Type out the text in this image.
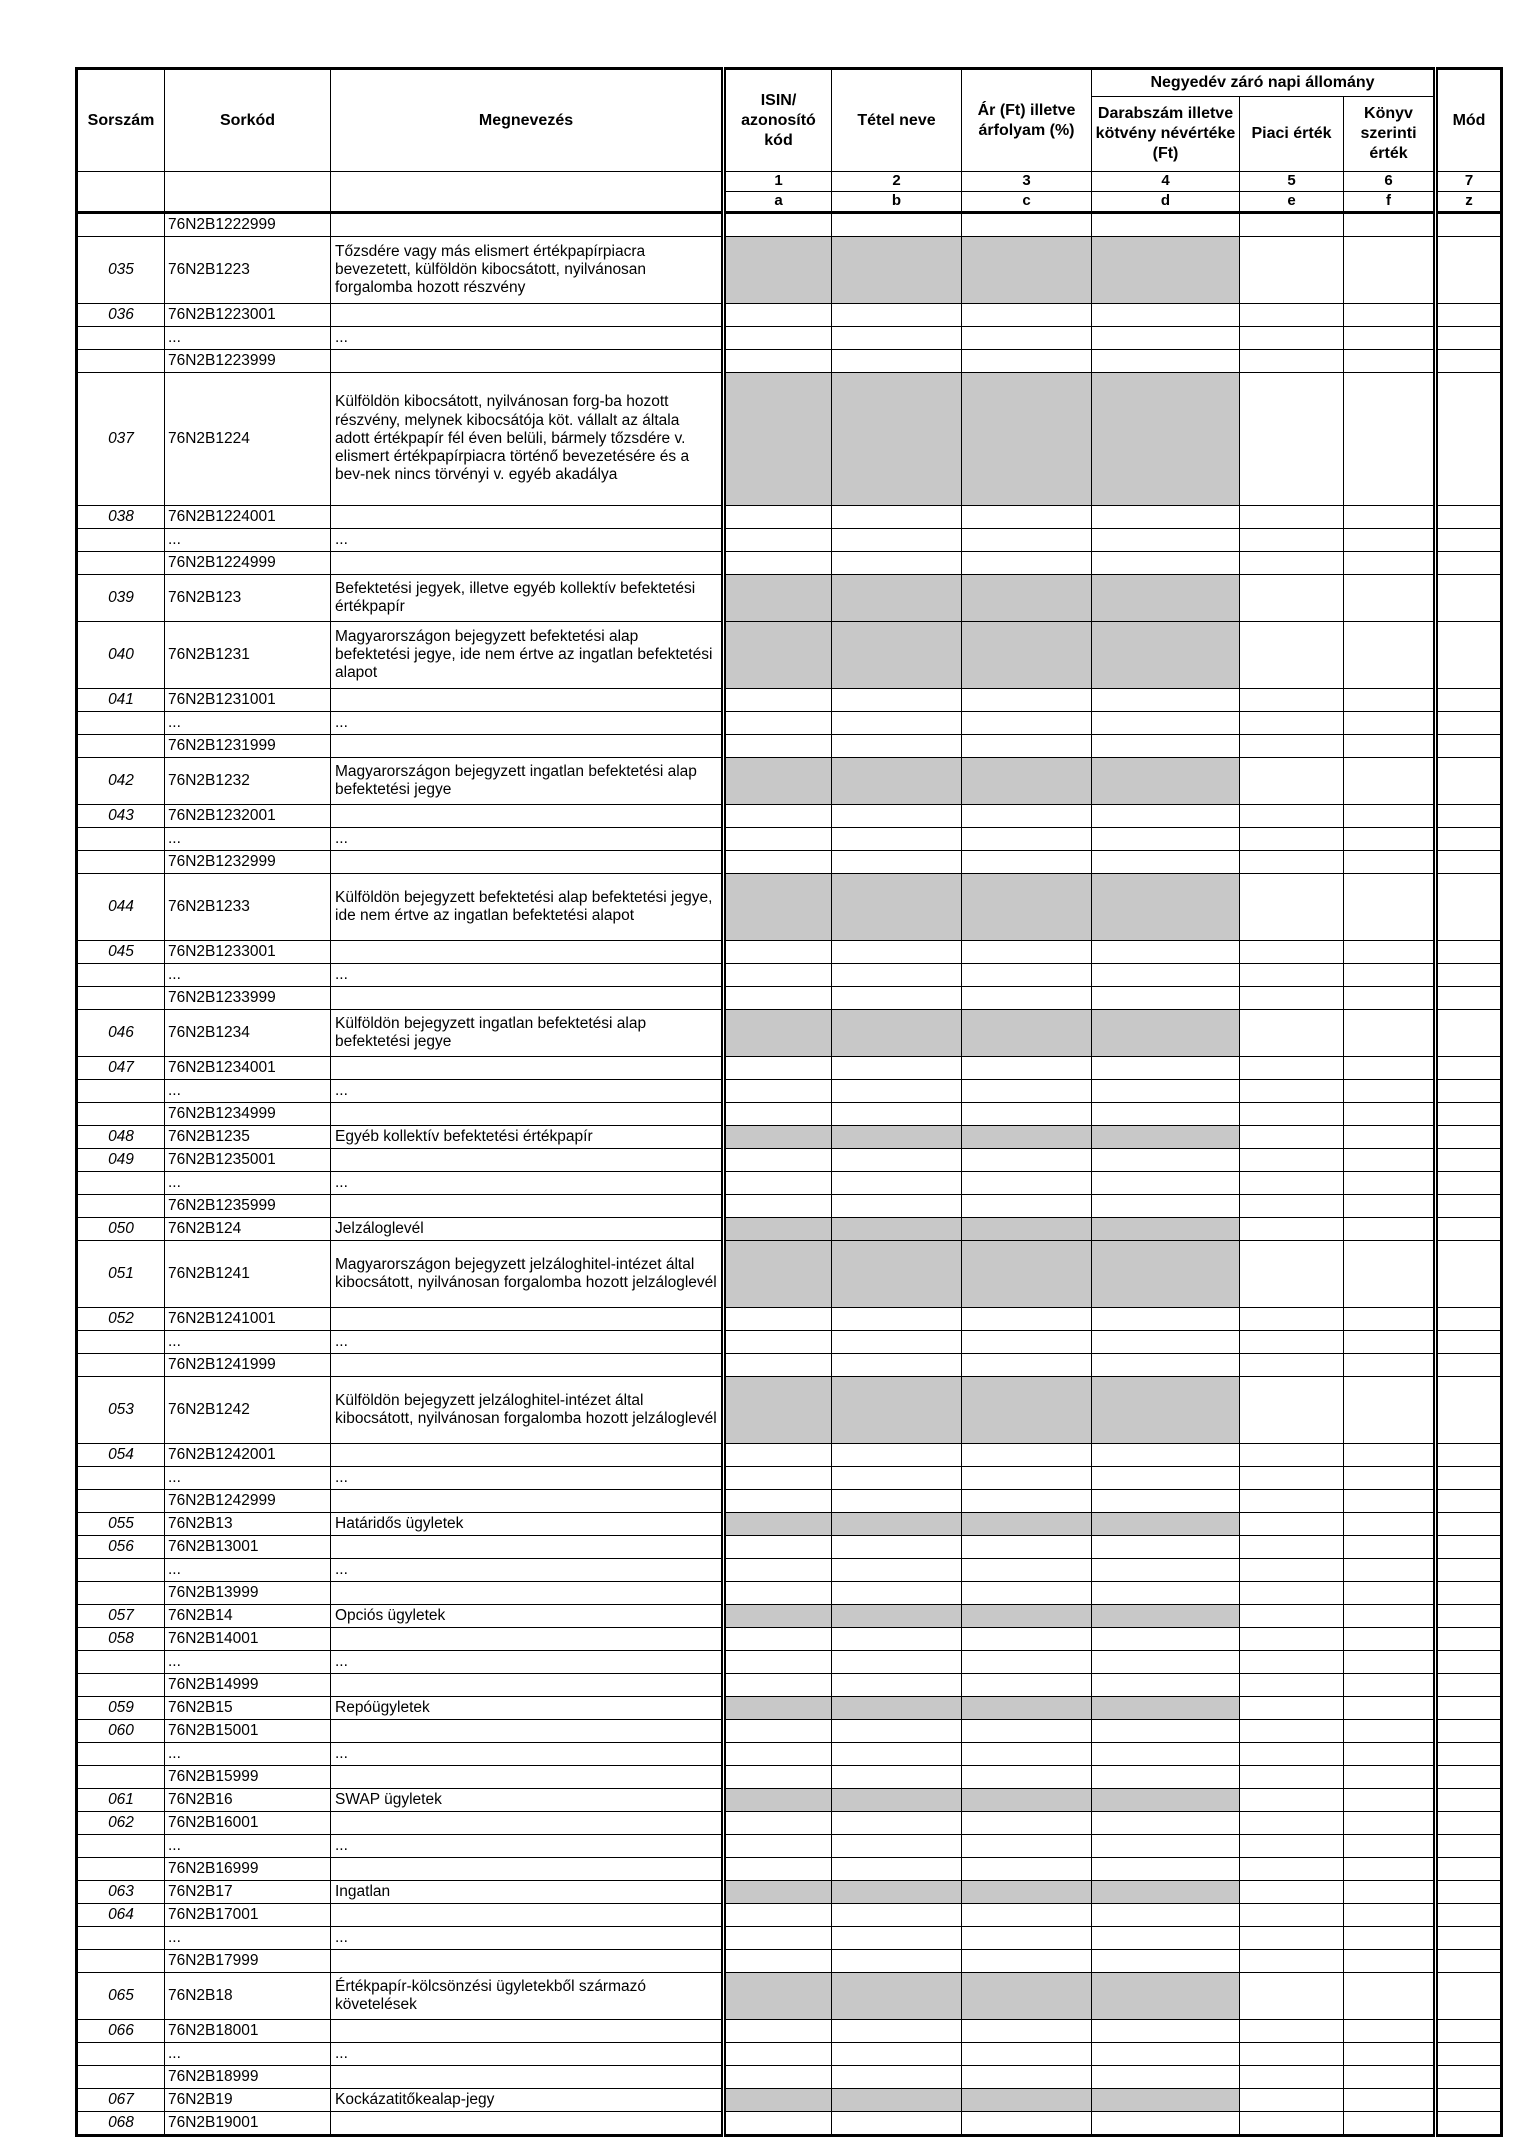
Sorszám	Sorkód	Megnevezés	ISIN/ azonosító kód	Tétel neve	Ár (Ft) illetve árfolyam (%)	Negyedév záró napi állomány			Mód
						Darabszám illetve kötvény névértéke (Ft)	Piaci érték	Könyv szerinti érték	
			1	2	3	4	5	6	7
			a	b	c	d	e	f	z
	76N2B1222999								
035	76N2B1223	Tőzsdére vagy más elismert értékpapírpiacra bevezetett, külföldön kibocsátott, nyilvánosan forgalomba hozott részvény							
036	76N2B1223001								
	...	...							
	76N2B1223999								
037	76N2B1224	Külföldön kibocsátott, nyilvánosan forg-ba hozott részvény, melynek kibocsátója köt. vállalt az általa adott értékpapír fél éven belüli, bármely tőzsdére v. elismert értékpapírpiacra történő bevezetésére és a bev-nek nincs törvényi v. egyéb akadálya							
038	76N2B1224001								
	...	...							
	76N2B1224999								
039	76N2B123	Befektetési jegyek, illetve egyéb kollektív befektetési értékpapír							
040	76N2B1231	Magyarországon bejegyzett befektetési alap befektetési jegye, ide nem értve az ingatlan befektetési alapot							
041	76N2B1231001								
	...	...							
	76N2B1231999								
042	76N2B1232	Magyarországon bejegyzett ingatlan befektetési alap befektetési jegye							
043	76N2B1232001								
	...	...							
	76N2B1232999								
044	76N2B1233	Külföldön bejegyzett befektetési alap befektetési jegye, ide nem értve az ingatlan befektetési alapot							
045	76N2B1233001								
	...	...							
	76N2B1233999								
046	76N2B1234	Külföldön bejegyzett ingatlan befektetési alap befektetési jegye							
047	76N2B1234001								
	...	...							
	76N2B1234999								
048	76N2B1235	Egyéb kollektív befektetési értékpapír							
049	76N2B1235001								
	...	...							
	76N2B1235999								
050	76N2B124	Jelzáloglevél							
051	76N2B1241	Magyarországon bejegyzett jelzáloghitel-intézet által kibocsátott, nyilvánosan forgalomba hozott jelzáloglevél							
052	76N2B1241001								
	...	...							
	76N2B1241999								
053	76N2B1242	Külföldön bejegyzett jelzáloghitel-intézet által kibocsátott, nyilvánosan forgalomba hozott jelzáloglevél							
054	76N2B1242001								
	...	...							
	76N2B1242999								
055	76N2B13	Határidős ügyletek							
056	76N2B13001								
	...	...							
	76N2B13999								
057	76N2B14	Opciós ügyletek							
058	76N2B14001								
	...	...							
	76N2B14999								
059	76N2B15	Repóügyletek							
060	76N2B15001								
	...	...							
	76N2B15999								
061	76N2B16	SWAP ügyletek							
062	76N2B16001								
	...	...							
	76N2B16999								
063	76N2B17	Ingatlan							
064	76N2B17001								
	...	...							
	76N2B17999								
065	76N2B18	Értékpapír-kölcsönzési ügyletekből származó követelések							
066	76N2B18001								
	...	...							
	76N2B18999								
067	76N2B19	Kockázatitőkealap-jegy							
068	76N2B19001								
